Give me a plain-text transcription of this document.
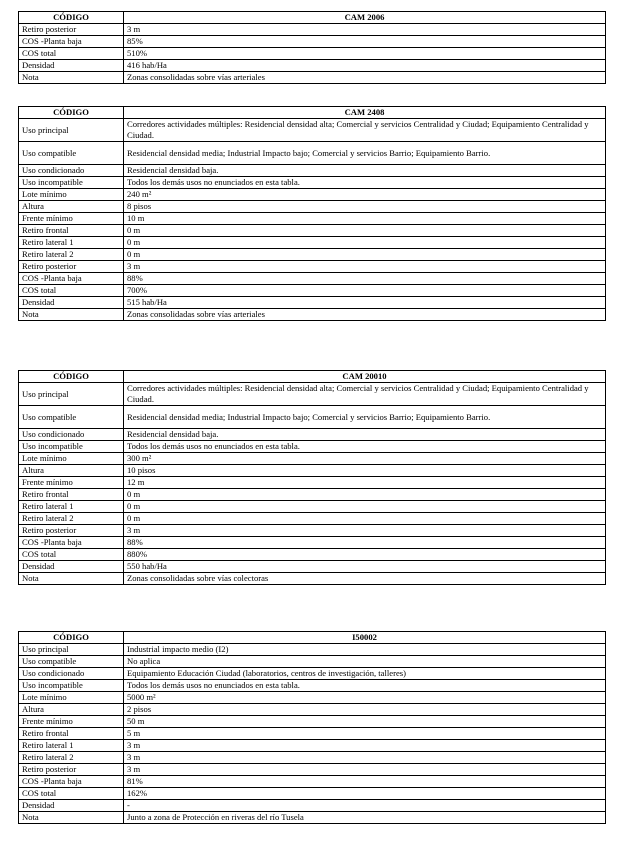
CÓDIGO	CAM 2006
Retiro posterior	3 m
COS -Planta baja	85%
COS total	510%
Densidad	416 hab/Ha
Nota	Zonas consolidadas sobre vías arteriales
CÓDIGO	CAM 2408
Uso principal	Corredores actividades múltiples: Residencial densidad alta; Comercial y servicios Centralidad y Ciudad; Equipamiento Centralidad y Ciudad.
Uso compatible	Residencial densidad media; Industrial Impacto bajo; Comercial y servicios Barrio; Equipamiento Barrio.
Uso condicionado	Residencial densidad baja.
Uso incompatible	Todos los demás usos no enunciados en esta tabla.
Lote mínimo	240 m²
Altura	8 pisos
Frente mínimo	10 m
Retiro frontal	0 m
Retiro lateral 1	0 m
Retiro lateral 2	0 m
Retiro posterior	3 m
COS -Planta baja	88%
COS total	700%
Densidad	515 hab/Ha
Nota	Zonas consolidadas sobre vías arteriales
CÓDIGO	CAM 20010
Uso principal	Corredores actividades múltiples: Residencial densidad alta; Comercial y servicios Centralidad y Ciudad; Equipamiento Centralidad y Ciudad.
Uso compatible	Residencial densidad media; Industrial Impacto bajo; Comercial y servicios Barrio; Equipamiento Barrio.
Uso condicionado	Residencial densidad baja.
Uso incompatible	Todos los demás usos no enunciados en esta tabla.
Lote mínimo	300 m²
Altura	10 pisos
Frente mínimo	12 m
Retiro frontal	0 m
Retiro lateral 1	0 m
Retiro lateral 2	0 m
Retiro posterior	3 m
COS -Planta baja	88%
COS total	880%
Densidad	550 hab/Ha
Nota	Zonas consolidadas sobre vías colectoras
CÓDIGO	I50002
Uso principal	Industrial impacto medio (I2)
Uso compatible	No aplica
Uso condicionado	Equipamiento Educación Ciudad (laboratorios, centros de investigación, talleres)
Uso incompatible	Todos los demás usos no enunciados en esta tabla.
Lote mínimo	5000 m²
Altura	2 pisos
Frente mínimo	50 m
Retiro frontal	5 m
Retiro lateral 1	3 m
Retiro lateral 2	3 m
Retiro posterior	3 m
COS -Planta baja	81%
COS total	162%
Densidad	-
Nota	Junto a zona de Protección en riveras del río Tusela
